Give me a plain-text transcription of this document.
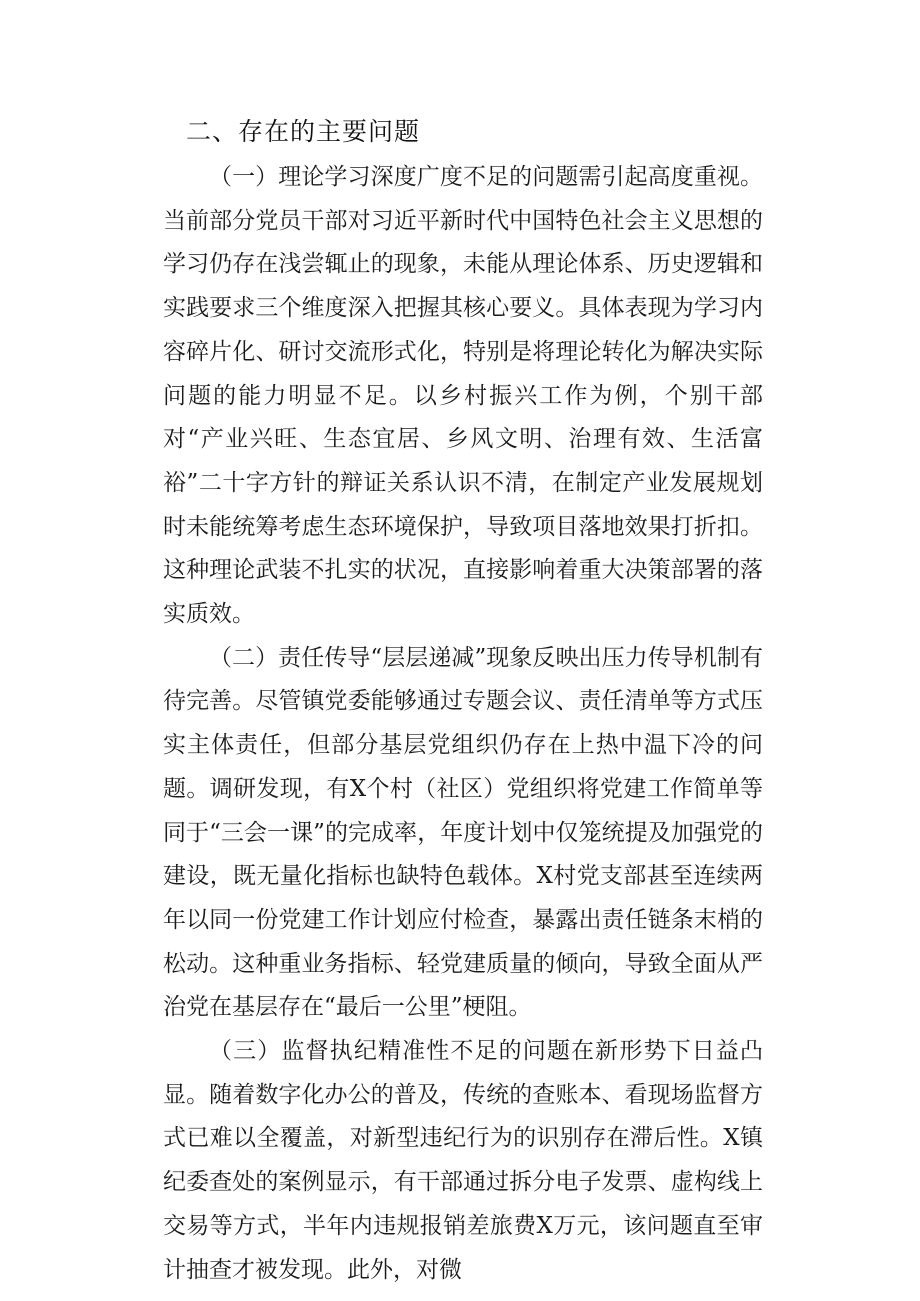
二、存在的主要问题

（一）理论学习深度广度不足的问题需引起高度重视。当前部分党员干部对习近平新时代中国特色社会主义思想的学习仍存在浅尝辄止的现象，未能从理论体系、历史逻辑和实践要求三个维度深入把握其核心要义。具体表现为学习内容碎片化、研讨交流形式化，特别是将理论转化为解决实际问题的能力明显不足。以乡村振兴工作为例，个别干部对“产业兴旺、生态宜居、乡风文明、治理有效、生活富裕”二十字方针的辩证关系认识不清，在制定产业发展规划时未能统筹考虑生态环境保护，导致项目落地效果打折扣。这种理论武装不扎实的状况，直接影响着重大决策部署的落实质效。

（二）责任传导“层层递减”现象反映出压力传导机制有待完善。尽管镇党委能够通过专题会议、责任清单等方式压实主体责任，但部分基层党组织仍存在上热中温下冷的问题。调研发现，有X个村（社区）党组织将党建工作简单等同于“三会一课”的完成率，年度计划中仅笼统提及加强党的建设，既无量化指标也缺特色载体。X村党支部甚至连续两年以同一份党建工作计划应付检查，暴露出责任链条末梢的松动。这种重业务指标、轻党建质量的倾向，导致全面从严治党在基层存在“最后一公里”梗阻。

（三）监督执纪精准性不足的问题在新形势下日益凸显。随着数字化办公的普及，传统的查账本、看现场监督方式已难以全覆盖，对新型违纪行为的识别存在滞后性。X镇纪委查处的案例显示，有干部通过拆分电子发票、虚构线上交易等方式，半年内违规报销差旅费X万元，该问题直至审计抽查才被发现。此外，对微
